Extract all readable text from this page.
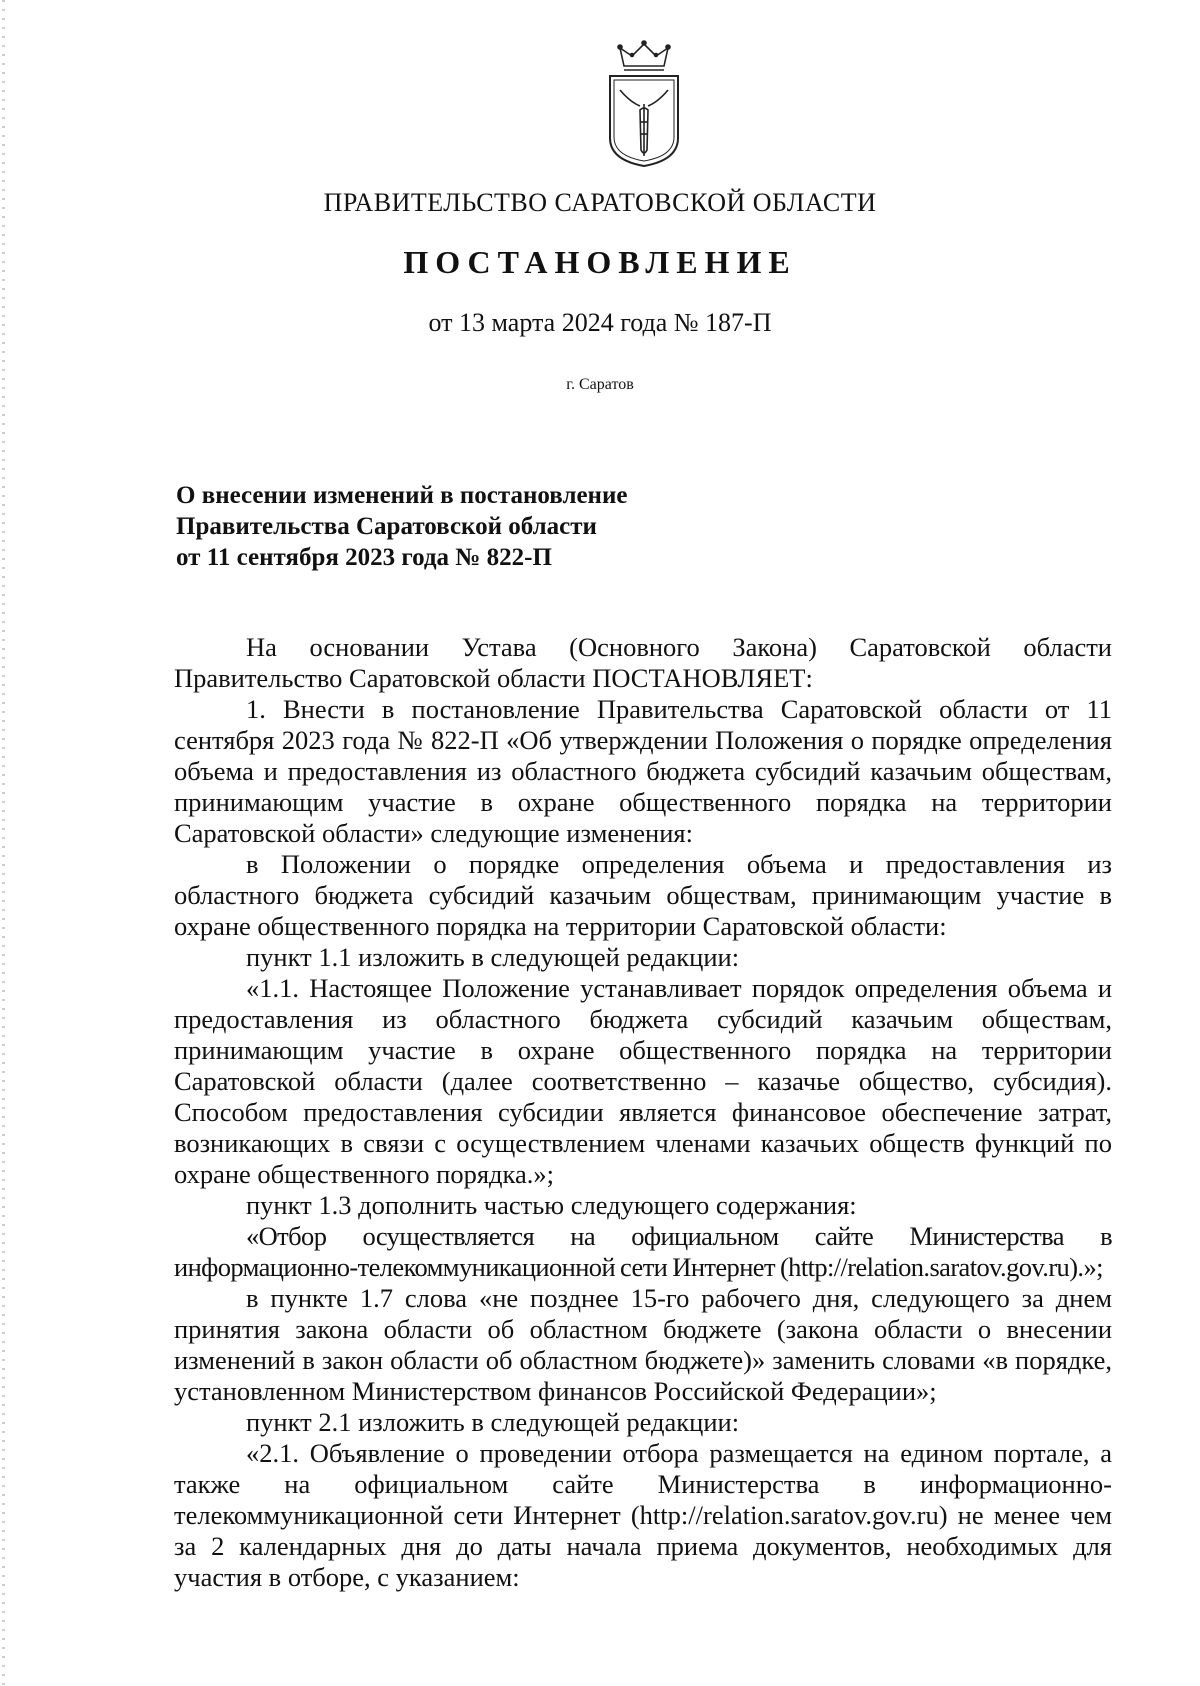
ПРАВИТЕЛЬСТВО САРАТОВСКОЙ ОБЛАСТИ
ПОСТАНОВЛЕНИЕ
от 13 марта 2024 года № 187-П
г. Саратов
О внесении изменений в постановление
Правительства Саратовской области
от 11 сентября 2023 года № 822-П

На основании Устава (Основного Закона) Саратовской области Правительство Саратовской области ПОСТАНОВЛЯЕТ:

1. Внести в постановление Правительства Саратовской области от 11 сентября 2023 года № 822-П «Об утверждении Положения о порядке определения объема и предоставления из областного бюджета субсидий казачьим обществам, принимающим участие в охране общественного порядка на территории Саратовской области» следующие изменения:

в Положении о порядке определения объема и предоставления из областного бюджета субсидий казачьим обществам, принимающим участие в охране общественного порядка на территории Саратовской области:

пункт 1.1 изложить в следующей редакции:

«1.1. Настоящее Положение устанавливает порядок определения объема и предоставления из областного бюджета субсидий казачьим обществам, принимающим участие в охране общественного порядка на территории Саратовской области (далее соответственно – казачье общество, субсидия). Способом предоставления субсидии является финансовое обеспечение затрат, возникающих в связи с осуществлением членами казачьих обществ функций по охране общественного порядка.»;

пункт 1.3 дополнить частью следующего содержания:

«Отбор осуществляется на официальном сайте Министерства в информационно-телекоммуникационной сети Интернет (http://relation.saratov.gov.ru).»;

в пункте 1.7 слова «не позднее 15-го рабочего дня, следующего за днем принятия закона области об областном бюджете (закона области о внесении изменений в закон области об областном бюджете)» заменить словами «в порядке, установленном Министерством финансов Российской Федерации»;

пункт 2.1 изложить в следующей редакции:

«2.1. Объявление о проведении отбора размещается на едином портале, а также на официальном сайте Министерства в информационно-телекоммуникационной сети Интернет (http://relation.saratov.gov.ru) не менее чем за 2 календарных дня до даты начала приема документов, необходимых для участия в отборе, с указанием:
